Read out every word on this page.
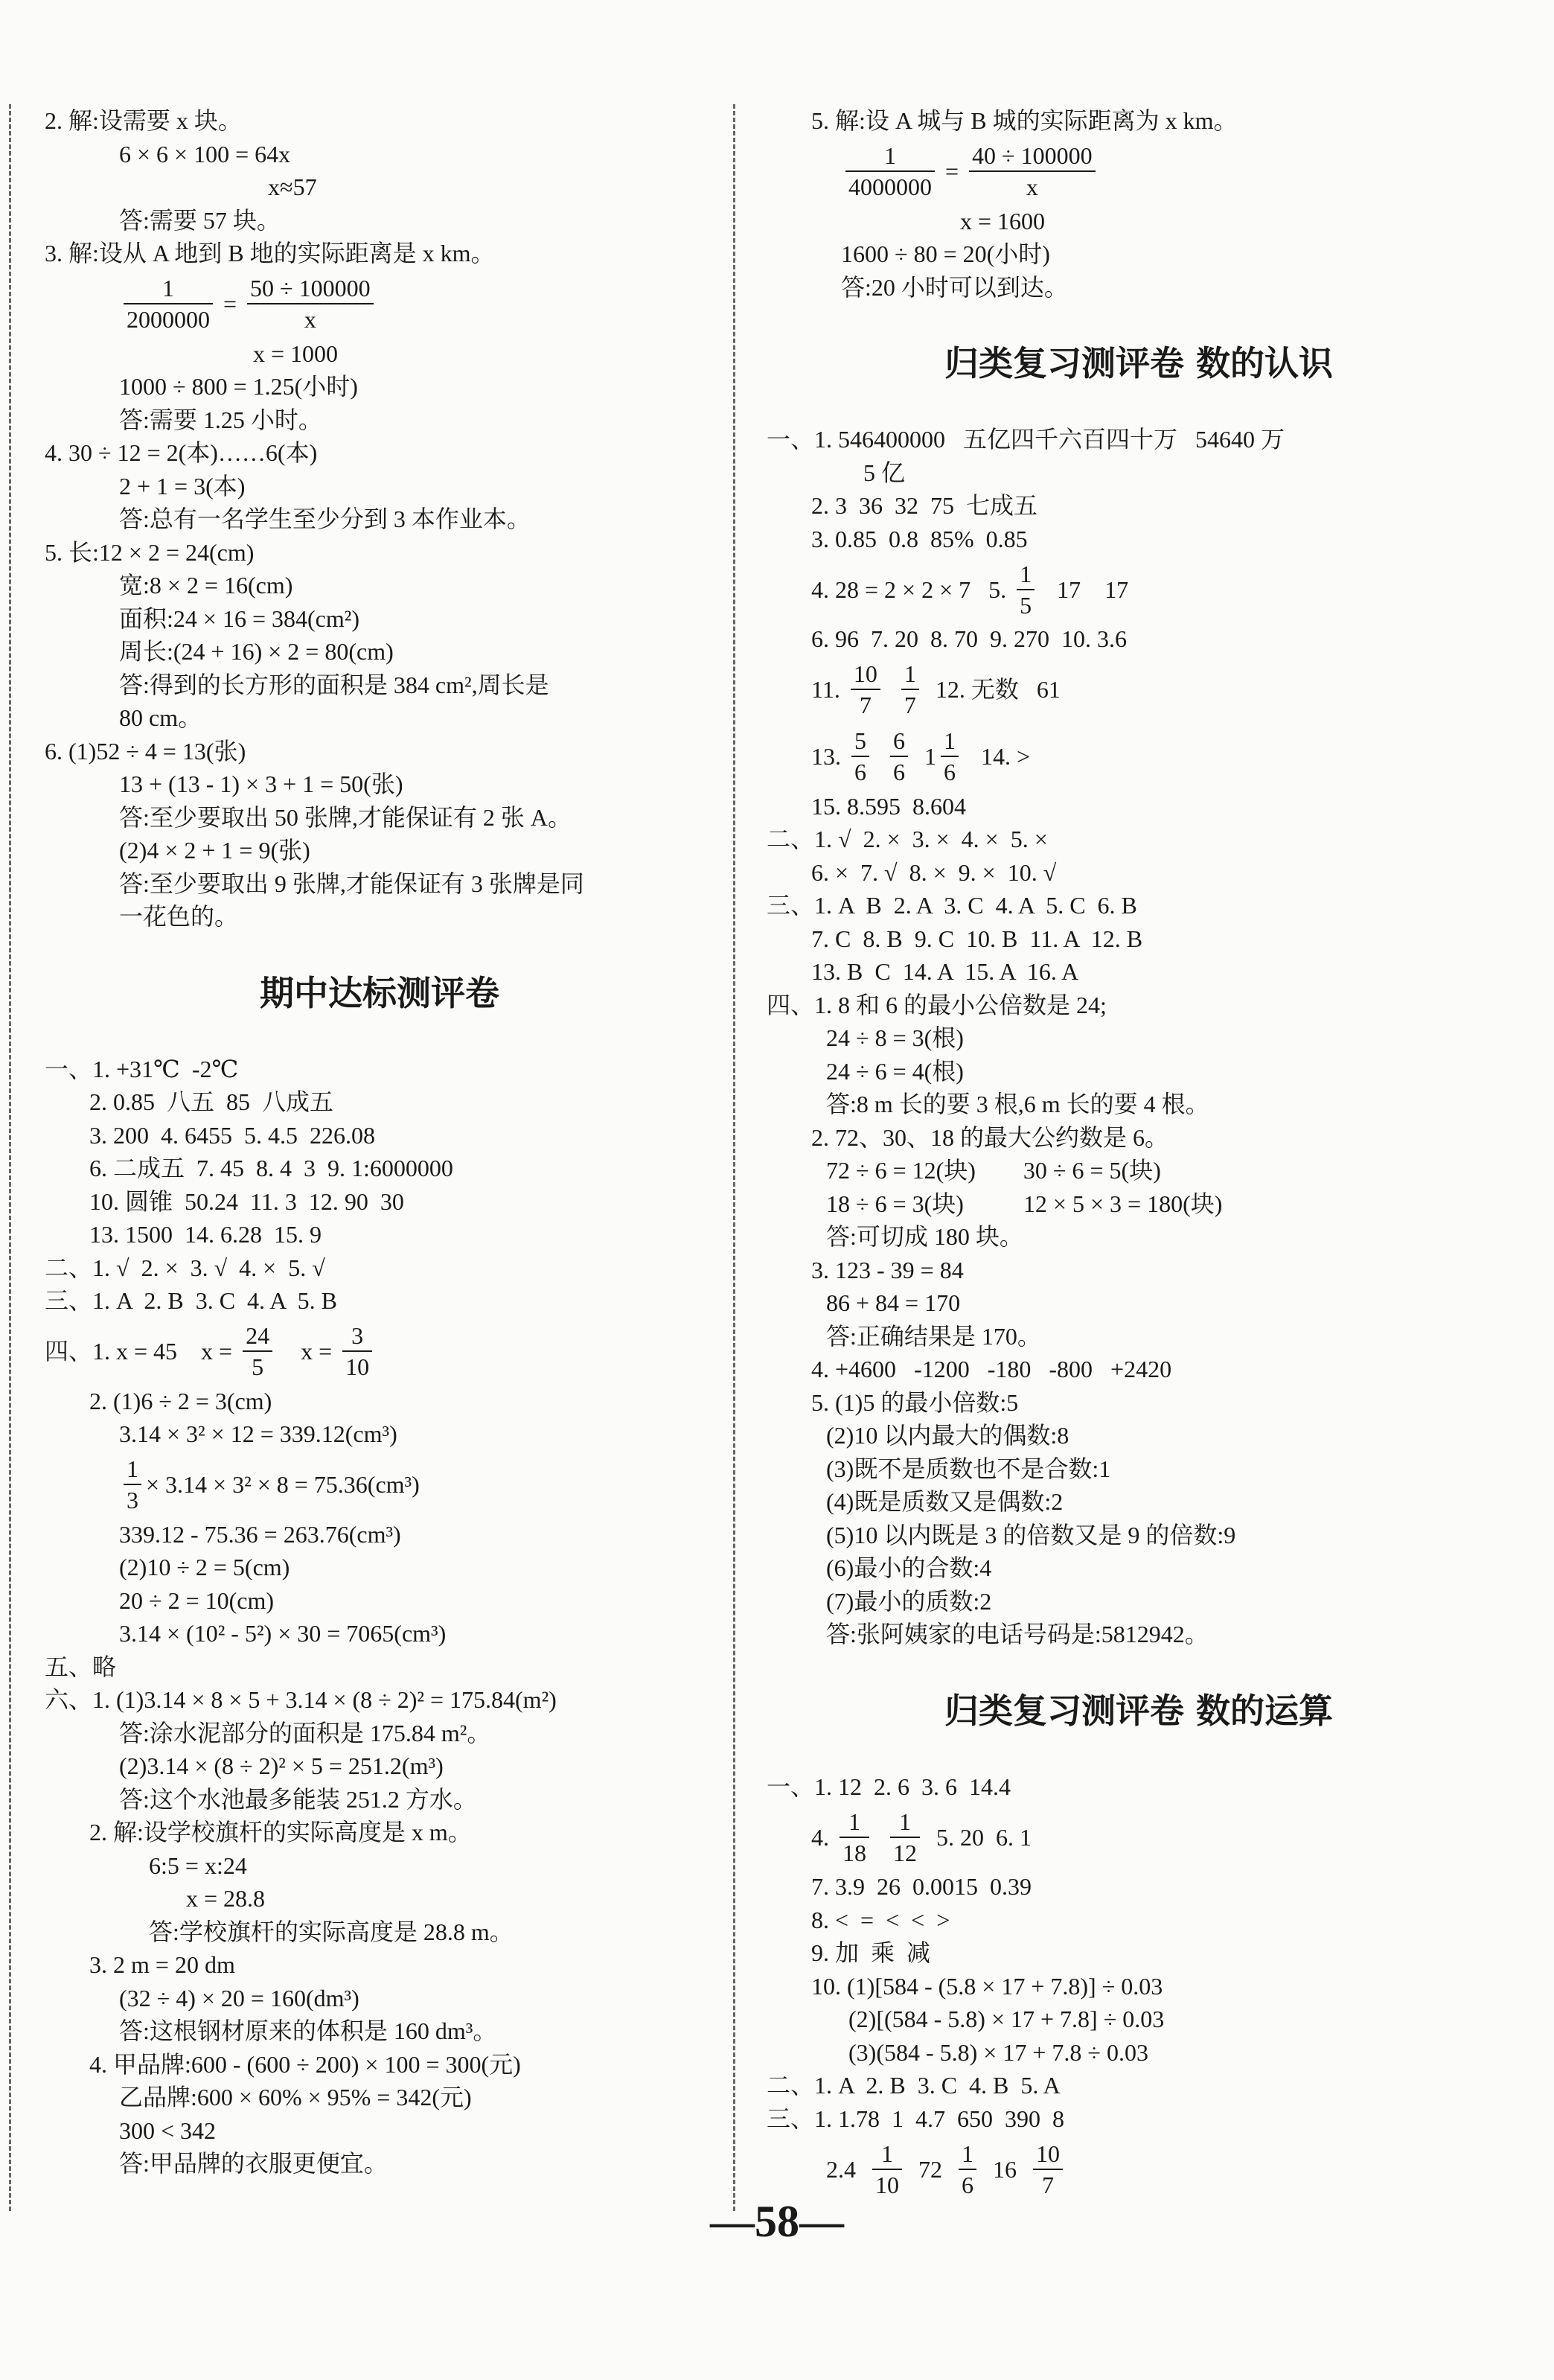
2. 解:设需要 x 块。
6 × 6 × 100 = 64x
x≈57
答:需要 57 块。
3. 解:设从 A 地到 B 地的实际距离是 x km。
$\frac{1}{2000000} = \frac{50 \div 100000}{x}$
x = 1000
1000 ÷ 800 = 1.25(小时)
答:需要 1.25 小时。
4. 30 ÷ 12 = 2(本)……6(本)
2 + 1 = 3(本)
答:总有一名学生至少分到 3 本作业本。
5. 长:12 × 2 = 24(cm)
宽:8 × 2 = 16(cm)
面积:24 × 16 = 384(cm²)
周长:(24 + 16) × 2 = 80(cm)
答:得到的长方形的面积是 384 cm²,周长是
80 cm。
6. (1)52 ÷ 4 = 13(张)
13 + (13 - 1) × 3 + 1 = 50(张)
答:至少要取出 50 张牌,才能保证有 2 张 A。
(2)4 × 2 + 1 = 9(张)
答:至少要取出 9 张牌,才能保证有 3 张牌是同
一花色的。
期中达标测评卷
一、1. +31℃  -2℃
2. 0.85  八五  85  八成五
3. 200  4. 6455  5. 4.5  226.08
6. 二成五  7. 45  8. 4  3  9. 1:6000000
10. 圆锥  50.24  11. 3  12. 90  30
13. 1500  14. 6.28  15. 9
二、1. √  2. ×  3. √  4. ×  5. √
三、1. A  2. B  3. C  4. A  5. B
四、1. x = 45    $x = \frac{24}{5}$ $x = \frac{3}{10}$
2. (1)6 ÷ 2 = 3(cm)
3.14 × 3² × 12 = 339.12(cm³)
$\frac{1}{3} \times 3.14 \times 3^2 \times 8 = 75.36(cm^3)$
339.12 - 75.36 = 263.76(cm³)
(2)10 ÷ 2 = 5(cm)
20 ÷ 2 = 10(cm)
3.14 × (10² - 5²) × 30 = 7065(cm³)
五、略
六、1. (1)3.14 × 8 × 5 + 3.14 × (8 ÷ 2)² = 175.84(m²)
答:涂水泥部分的面积是 175.84 m²。
(2)3.14 × (8 ÷ 2)² × 5 = 251.2(m³)
答:这个水池最多能装 251.2 方水。
2. 解:设学校旗杆的实际高度是 x m。
6:5 = x:24
x = 28.8
答:学校旗杆的实际高度是 28.8 m。
3. 2 m = 20 dm
(32 ÷ 4) × 20 = 160(dm³)
答:这根钢材原来的体积是 160 dm³。
4. 甲品牌:600 - (600 ÷ 200) × 100 = 300(元)
乙品牌:600 × 60% × 95% = 342(元)
300 < 342
答:甲品牌的衣服更便宜。
5. 解:设 A 城与 B 城的实际距离为 x km。
$\frac{1}{4000000} = \frac{40 \div 100000}{x}$
x = 1600
1600 ÷ 80 = 20(小时)
答:20 小时可以到达。
归类复习测评卷 数的认识
一、1. 546400000   五亿四千六百四十万   54640 万
5 亿
2. 3  36  32  75  七成五
3. 0.85  0.8  85%  0.85
4. 28 = 2 × 2 × 7   5. $\frac{1}{5} 17$    17
6. 96  7. 20  8. 70  9. 270  10. 3.6
11. $\frac{10}{7}$
$\frac{1}{7} 12$. 无数   61
13. $\frac{5}{6}$
$\frac{6}{6} 1 \frac{1}{6} 14$. >
15. 8.595  8.604
二、1. √  2. ×  3. ×  4. ×  5. ×
6. ×  7. √  8. ×  9. ×  10. √
三、1. A  B  2. A  3. C  4. A  5. C  6. B
7. C  8. B  9. C  10. B  11. A  12. B
13. B  C  14. A  15. A  16. A
四、1. 8 和 6 的最小公倍数是 24;
24 ÷ 8 = 3(根)
24 ÷ 6 = 4(根)
答:8 m 长的要 3 根,6 m 长的要 4 根。
2. 72、30、18 的最大公约数是 6。
72 ÷ 6 = 12(块)        30 ÷ 6 = 5(块)
18 ÷ 6 = 3(块)          12 × 5 × 3 = 180(块)
答:可切成 180 块。
3. 123 - 39 = 84
86 + 84 = 170
答:正确结果是 170。
4. +4600   -1200   -180   -800   +2420
5. (1)5 的最小倍数:5
(2)10 以内最大的偶数:8
(3)既不是质数也不是合数:1
(4)既是质数又是偶数:2
(5)10 以内既是 3 的倍数又是 9 的倍数:9
(6)最小的合数:4
(7)最小的质数:2
答:张阿姨家的电话号码是:5812942。
归类复习测评卷 数的运算
一、1. 12  2. 6  3. 6  14.4
4. $\frac{1}{18}$
$\frac{1}{12} 5$. 20  6. 1
7. 3.9  26  0.0015  0.39
8. <  =  <  <  >
9. 加  乘  减
10. (1)[584 - (5.8 × 17 + 7.8)] ÷ 0.03
(2)[(584 - 5.8) × 17 + 7.8] ÷ 0.03
(3)(584 - 5.8) × 17 + 7.8 ÷ 0.03
二、1. A  2. B  3. C  4. B  5. A
三、1. 1.78  1  4.7  650  390  8
$2.4 \frac{1}{10} 72 \frac{1}{6} 16 \frac{10}{7}$
—58—
